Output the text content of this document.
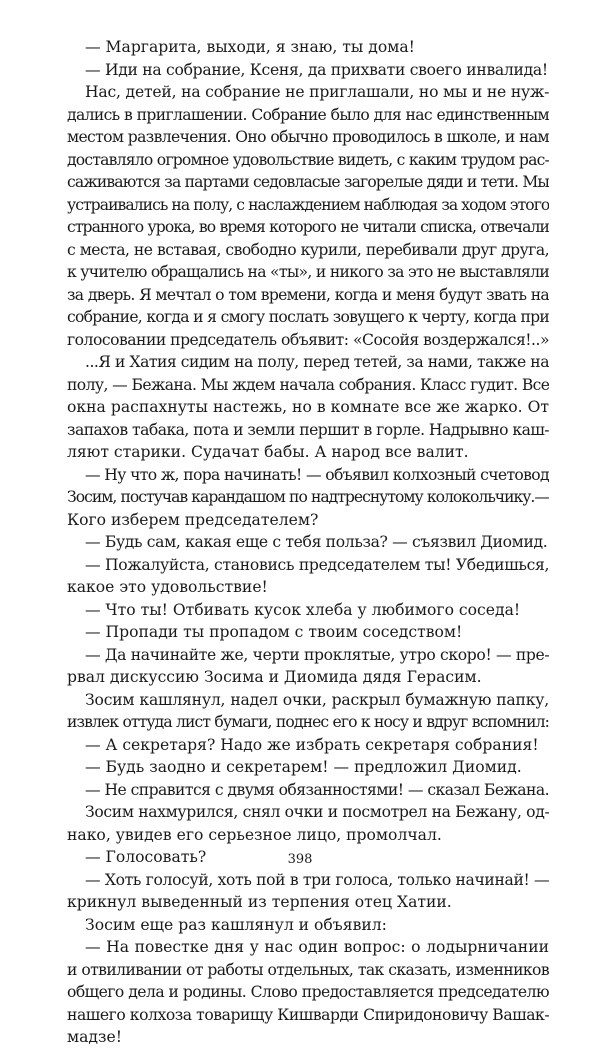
— Маргарита, выходи, я знаю, ты дома!
— Иди на собрание, Ксеня, да прихвати своего инвалида!
Нас, детей, на собрание не приглашали, но мы и не нуж-
дались в приглашении. Собрание было для нас единственным
местом развлечения. Оно обычно проводилось в школе, и нам
доставляло огромное удовольствие видеть, с каким трудом рас-
саживаются за партами седовласые загорелые дяди и тети. Мы
устраивались на полу, с наслаждением наблюдая за ходом этого
странного урока, во время которого не читали списка, отвечали
с места, не вставая, свободно курили, перебивали друг друга,
к учителю обращались на «ты», и никого за это не выставляли
за дверь. Я мечтал о том времени, когда и меня будут звать на
собрание, когда и я смогу послать зовущего к черту, когда при
голосовании председатель объявит: «Сосойя воздержался!..»
...Я и Хатия сидим на полу, перед тетей, за нами, также на
полу, — Бежана. Мы ждем начала собрания. Класс гудит. Все
окна распахнуты настежь, но в комнате все же жарко. От
запахов табака, пота и земли першит в горле. Надрывно каш-
ляют старики. Судачат бабы. А народ все валит.
— Ну что ж, пора начинать! — объявил колхозный счетовод
Зосим, постучав карандашом по надтреснутому колокольчику.—
Кого изберем председателем?
— Будь сам, какая еще с тебя польза? — съязвил Диомид.
— Пожалуйста, становись председателем ты! Убедишься,
какое это удовольствие!
— Что ты! Отбивать кусок хлеба у любимого соседа!
— Пропади ты пропадом с твоим соседством!
— Да начинайте же, черти проклятые, утро скоро! — пре-
рвал дискуссию Зосима и Диомида дядя Герасим.
Зосим кашлянул, надел очки, раскрыл бумажную папку,
извлек оттуда лист бумаги, поднес его к носу и вдруг вспомнил:
— А секретаря? Надо же избрать секретаря собрания!
— Будь заодно и секретарем! — предложил Диомид.
— Не справится с двумя обязанностями! — сказал Бежана.
Зосим нахмурился, снял очки и посмотрел на Бежану, од-
нако, увидев его серьезное лицо, промолчал.
— Голосовать?
— Хоть голосуй, хоть пой в три голоса, только начинай! —
крикнул выведенный из терпения отец Хатии.
Зосим еще раз кашлянул и объявил:
— На повестке дня у нас один вопрос: о лодырничании
и отвиливании от работы отдельных, так сказать, изменников
общего дела и родины. Слово предоставляется председателю
нашего колхоза товарищу Кишварди Спиридоновичу Вашак-
мадзе!
398
